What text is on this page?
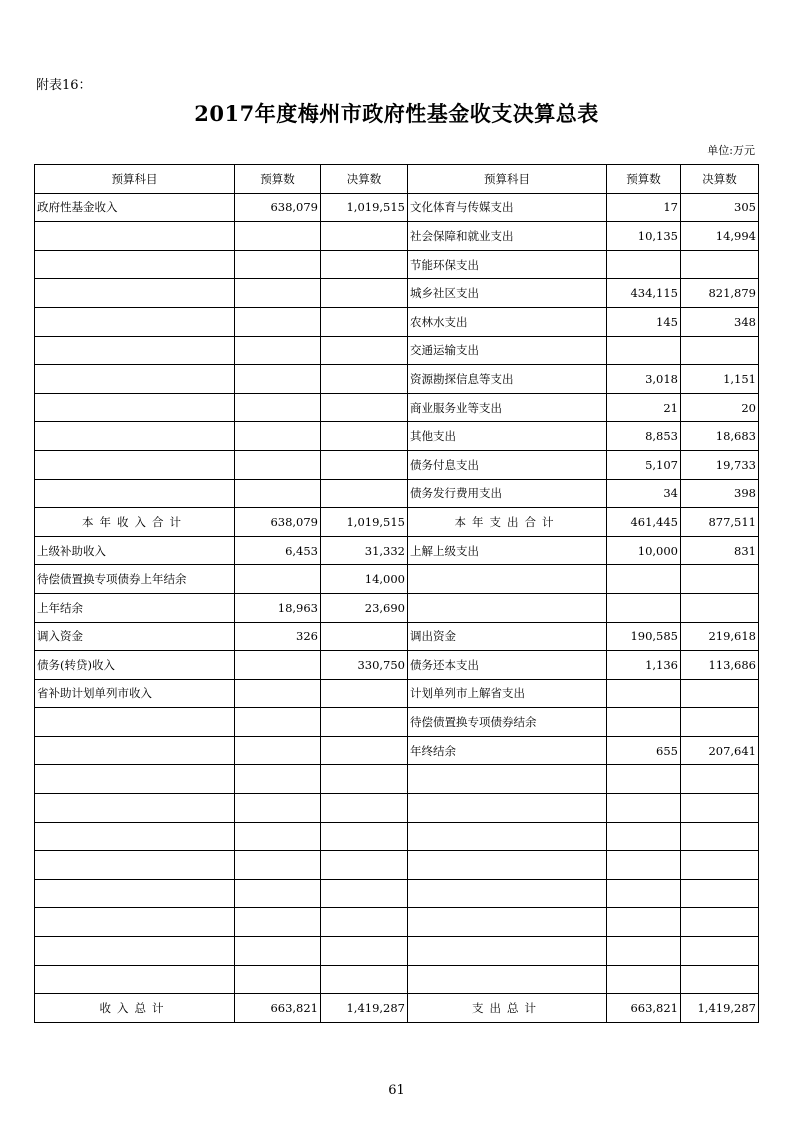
附表16：
2017年度梅州市政府性基金收支决算总表
单位:万元
预算科目	预算数	决算数	预算科目	预算数	决算数
政府性基金收入	638,079	1,019,515	文化体育与传媒支出	17	305
			社会保障和就业支出	10,135	14,994
			节能环保支出		
			城乡社区支出	434,115	821,879
			农林水支出	145	348
			交通运输支出		
			资源勘探信息等支出	3,018	1,151
			商业服务业等支出	21	20
			其他支出	8,853	18,683
			债务付息支出	5,107	19,733
			债务发行费用支出	34	398
本年收入合计	638,079	1,019,515	本年支出合计	461,445	877,511
上级补助收入	6,453	31,332	上解上级支出	10,000	831
待偿债置换专项债券上年结余		14,000			
上年结余	18,963	23,690			
调入资金	326		调出资金	190,585	219,618
债务(转贷)收入		330,750	债务还本支出	1,136	113,686
省补助计划单列市收入			计划单列市上解省支出		
			待偿债置换专项债券结余		
			年终结余	655	207,641

收入总计	663,821	1,419,287	支出总计	663,821	1,419,287
61
